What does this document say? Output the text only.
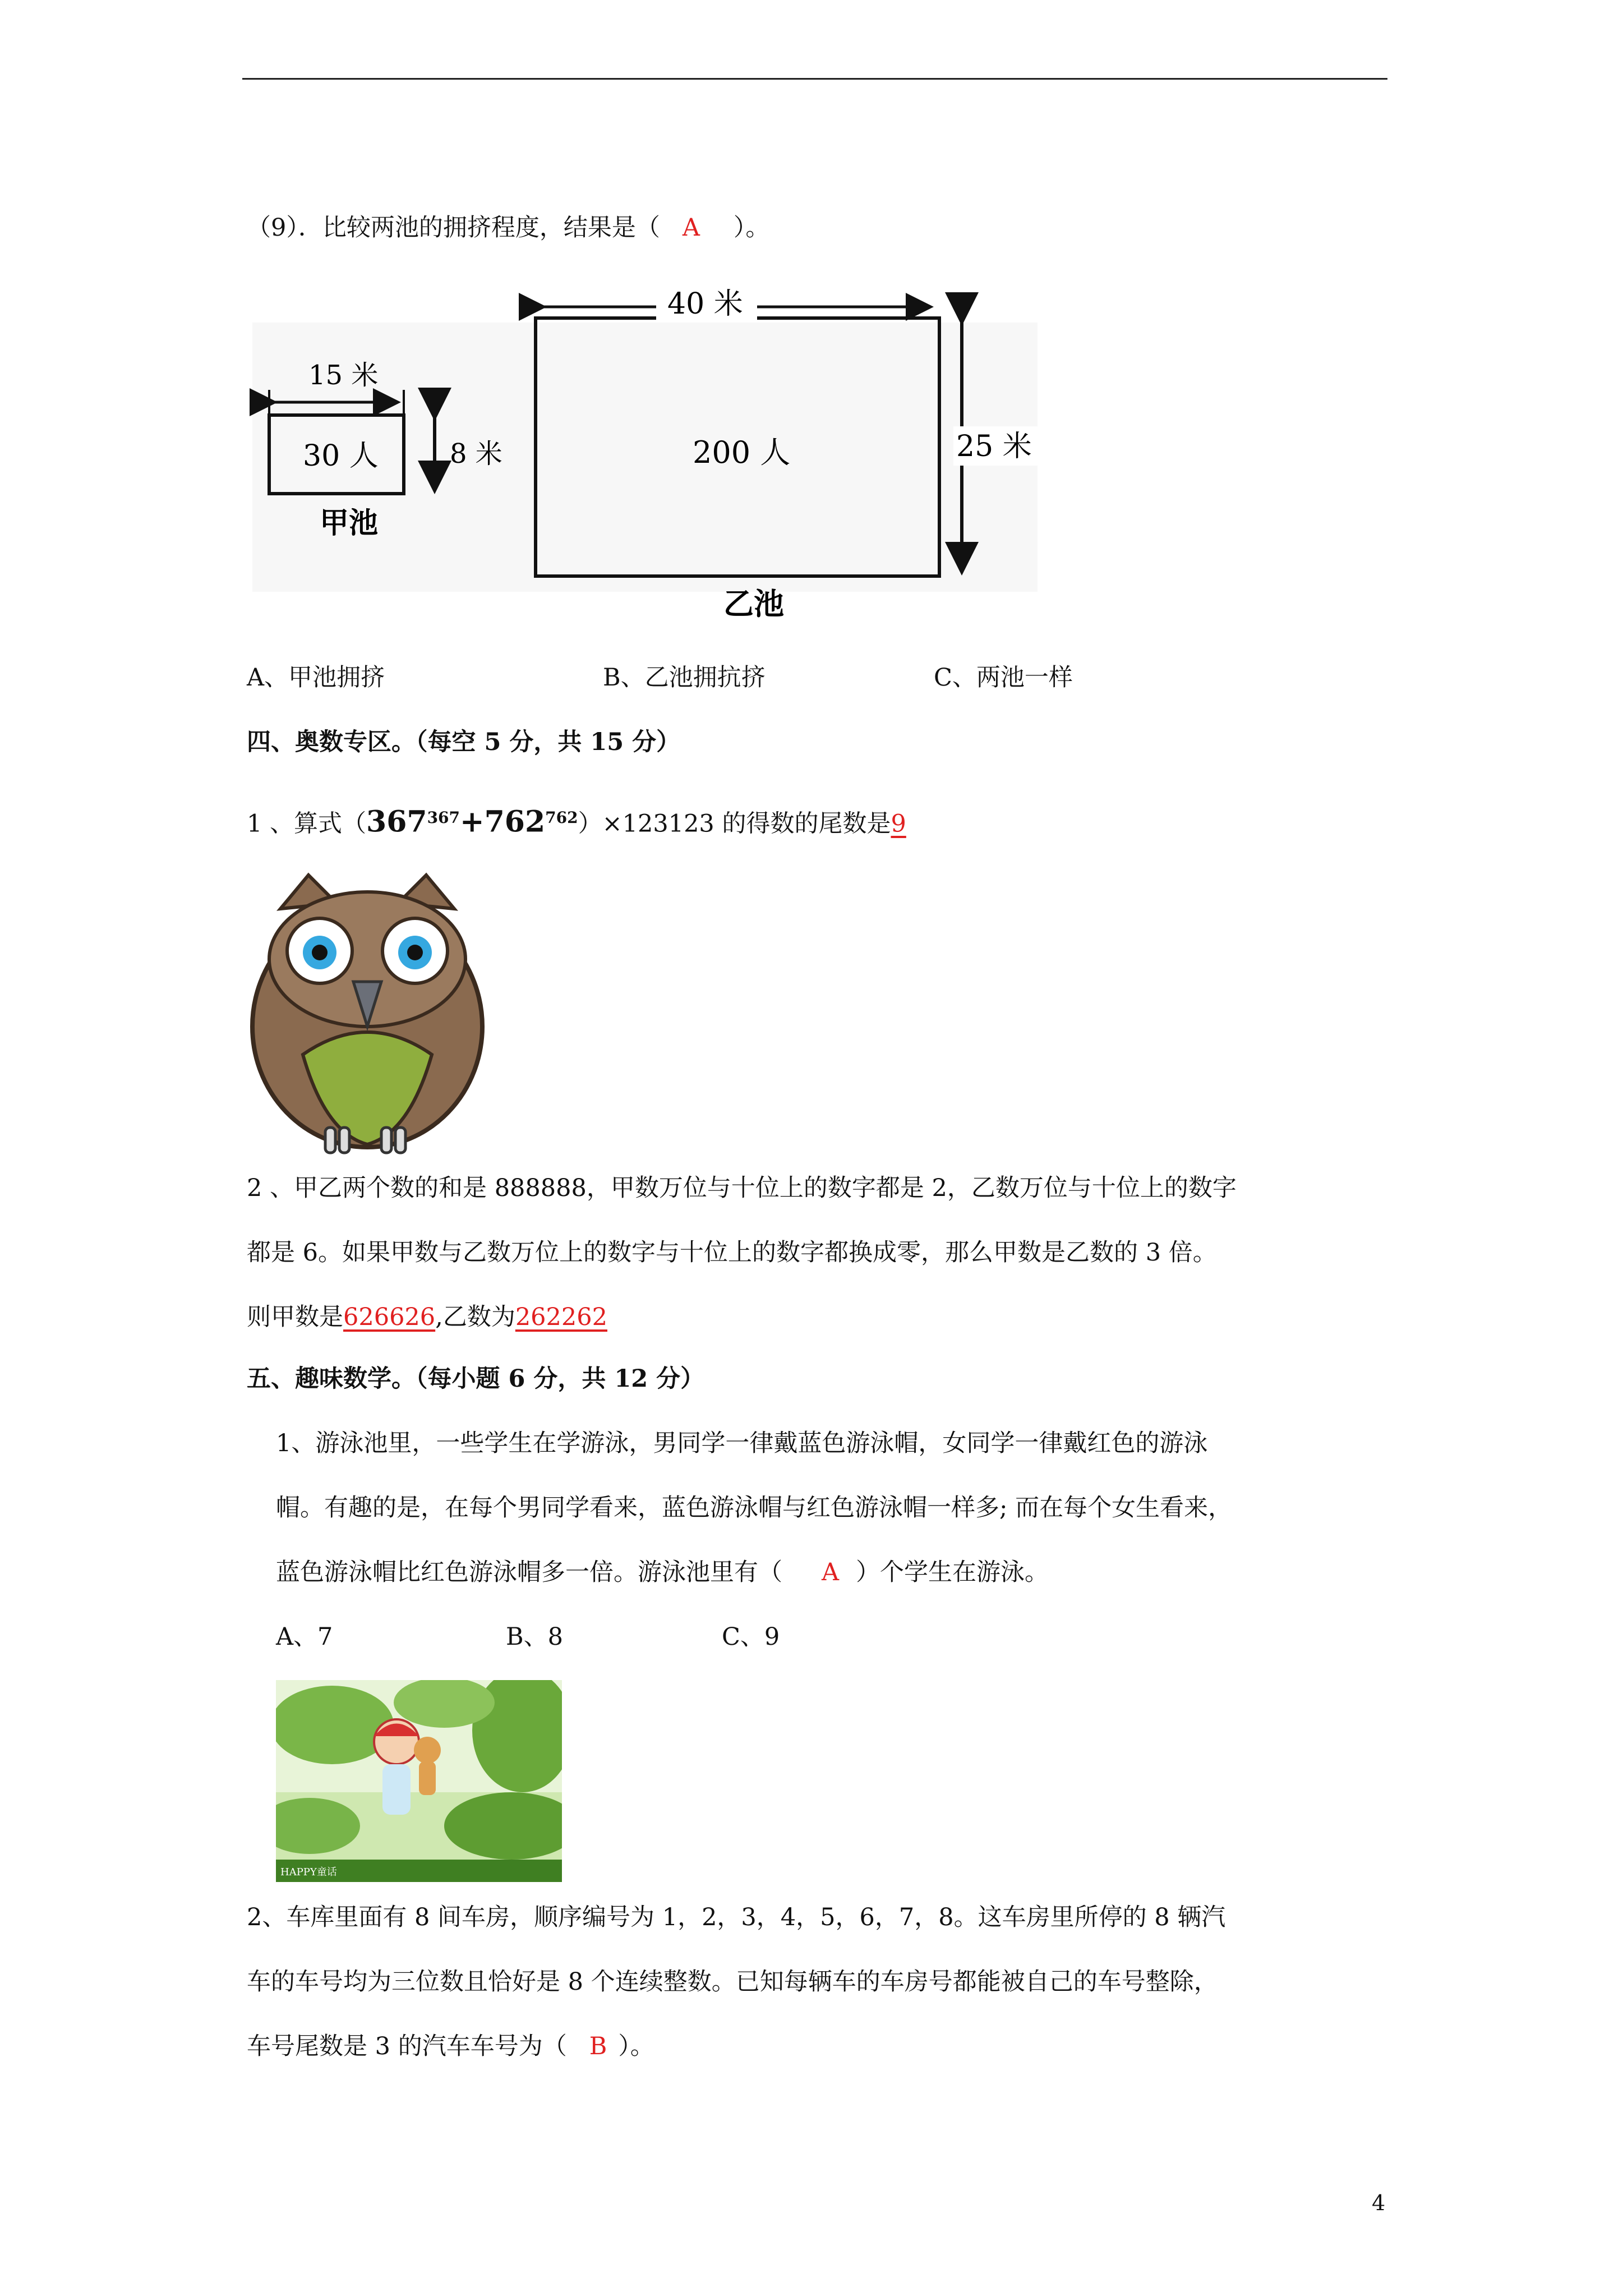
（9）．比较两池的拥挤程度，结果是（ A ）。
15 米
8 米
30 人
甲池
40 米
25 米
200 人
乙池
A、甲池拥挤	B、乙池拥抗挤	C、两池一样
四、奥数专区。（每空 5 分，共 15 分）
1 、算式$(367^{367}+762^{762})\times 123123$ 的得数的尾数是9
2 、甲乙两个数的和是 888888，甲数万位与十位上的数字都是 2，乙数万位与十位上的数字
都是 6。如果甲数与乙数万位上的数字与十位上的数字都换成零，那么甲数是乙数的 3 倍。
则甲数是626626,乙数为262262
五、趣味数学。（每小题 6 分，共 12 分）
1、游泳池里，一些学生在学游泳，男同学一律戴蓝色游泳帽，女同学一律戴红色的游泳
帽。有趣的是，在每个男同学看来，蓝色游泳帽与红色游泳帽一样多; 而在每个女生看来，
蓝色游泳帽比红色游泳帽多一倍。游泳池里有（ A ）个学生在游泳。
A、7	B、8	C、9
HAPPY童话
2、车库里面有 8 间车房，顺序编号为 1，2，3，4，5，6，7，8。这车房里所停的 8 辆汽
车的车号均为三位数且恰好是 8 个连续整数。已知每辆车的车房号都能被自己的车号整除，
车号尾数是 3 的汽车车号为（ B ）。
4
